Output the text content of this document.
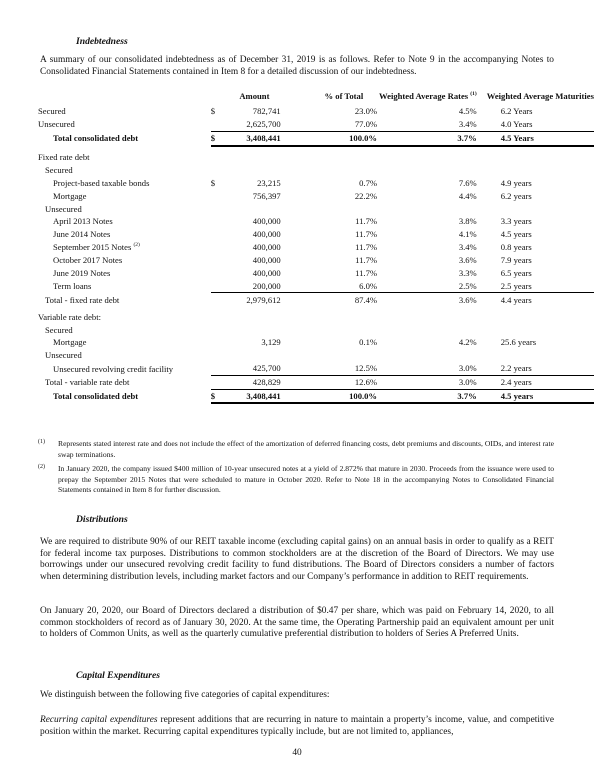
Indebtedness
A summary of our consolidated indebtedness as of December 31, 2019 is as follows. Refer to Note 9 in the accompanying Notes to Consolidated Financial Statements contained in Item 8 for a detailed discussion of our indebtedness.
		Amount	% of Total	Weighted Average Rates $^{(1)}$	Weighted Average Maturities

Secured	$	782,741	23.0%	4.5%	6.2 Years
Unsecured		2,625,700	77.0%	3.4%	4.0 Years
Total consolidated debt	$	3,408,441	100.0%	3.7%	4.5 Years

Fixed rate debt					
Secured					
Project-based taxable bonds	$	23,215	0.7%	7.6%	4.9 years
Mortgage		756,397	22.2%	4.4%	6.2 years
Unsecured					
April 2013 Notes		400,000	11.7%	3.8%	3.3 years
June 2014 Notes		400,000	11.7%	4.1%	4.5 years
September 2015 Notes $^{(2)}$		400,000	11.7%	3.4%	0.8 years
October 2017 Notes		400,000	11.7%	3.6%	7.9 years
June 2019 Notes		400,000	11.7%	3.3%	6.5 years
Term loans		200,000	6.0%	2.5%	2.5 years
Total - fixed rate debt		2,979,612	87.4%	3.6%	4.4 years

Variable rate debt:					
Secured					
Mortgage		3,129	0.1%	4.2%	25.6 years
Unsecured					
Unsecured revolving credit facility		425,700	12.5%	3.0%	2.2 years
Total - variable rate debt		428,829	12.6%	3.0%	2.4 years
Total consolidated debt	$	3,408,441	100.0%	3.7%	4.5 years
(1) Represents stated interest rate and does not include the effect of the amortization of deferred financing costs, debt premiums and discounts, OIDs, and interest rate swap terminations.
(2) In January 2020, the company issued $400 million of 10-year unsecured notes at a yield of 2.872% that mature in 2030. Proceeds from the issuance were used to prepay the September 2015 Notes that were scheduled to mature in October 2020. Refer to Note 18 in the accompanying Notes to Consolidated Financial Statements contained in Item 8 for further discussion.
Distributions
We are required to distribute 90% of our REIT taxable income (excluding capital gains) on an annual basis in order to qualify as a REIT for federal income tax purposes. Distributions to common stockholders are at the discretion of the Board of Directors. We may use borrowings under our unsecured revolving credit facility to fund distributions. The Board of Directors considers a number of factors when determining distribution levels, including market factors and our Company’s performance in addition to REIT requirements.
On January 20, 2020, our Board of Directors declared a distribution of $0.47 per share, which was paid on February 14, 2020, to all common stockholders of record as of January 30, 2020. At the same time, the Operating Partnership paid an equivalent amount per unit to holders of Common Units, as well as the quarterly cumulative preferential distribution to holders of Series A Preferred Units.
Capital Expenditures
We distinguish between the following five categories of capital expenditures:
Recurring capital expenditures represent additions that are recurring in nature to maintain a property’s income, value, and competitive position within the market. Recurring capital expenditures typically include, but are not limited to, appliances,
40
